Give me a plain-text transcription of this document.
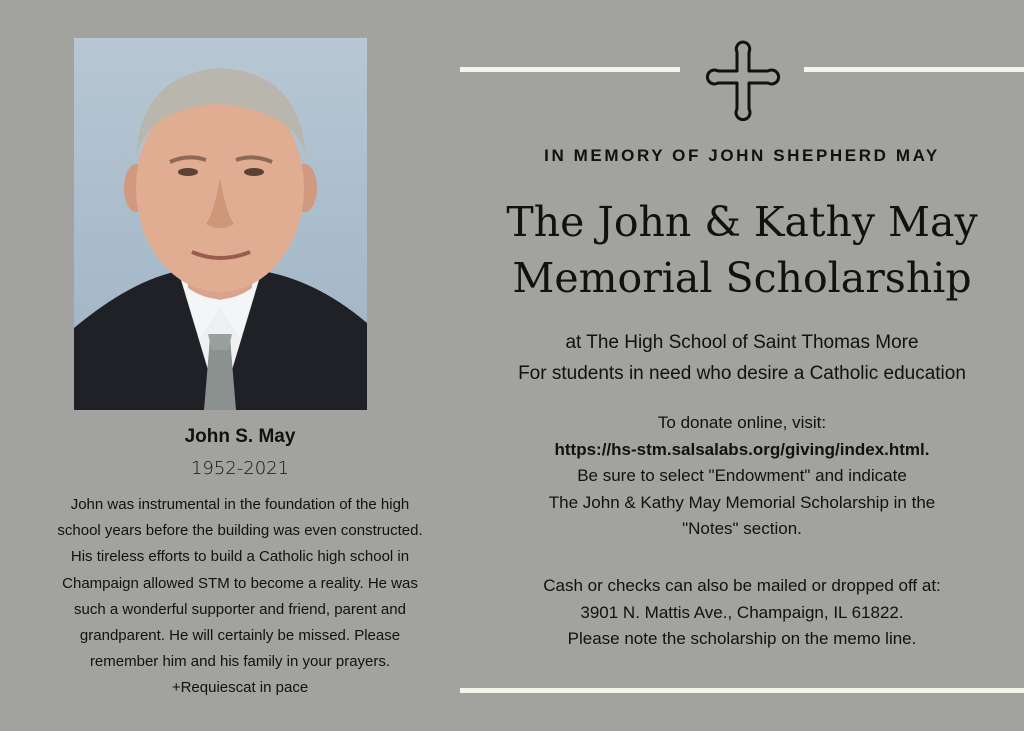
John S. May
1952-2021

John was instrumental in the foundation of the high

school years before the building was even constructed.

His tireless efforts to build a Catholic high school in

Champaign allowed STM to become a reality. He was

such a wonderful supporter and friend, parent and

grandparent. He will certainly be missed. Please

remember him and his family in your prayers.

+Requiescat in pace

IN MEMORY OF JOHN SHEPHERD MAY
The John & Kathy May
Memorial Scholarship
at The High School of Saint Thomas More
For students in need who desire a Catholic education
To donate online, visit:
https://hs-stm.salsalabs.org/giving/index.html.
Be sure to select "Endowment" and indicate
The John & Kathy May Memorial Scholarship in the
"Notes" section.
Cash or checks can also be mailed or dropped off at:
3901 N. Mattis Ave., Champaign, IL 61822.
Please note the scholarship on the memo line.
